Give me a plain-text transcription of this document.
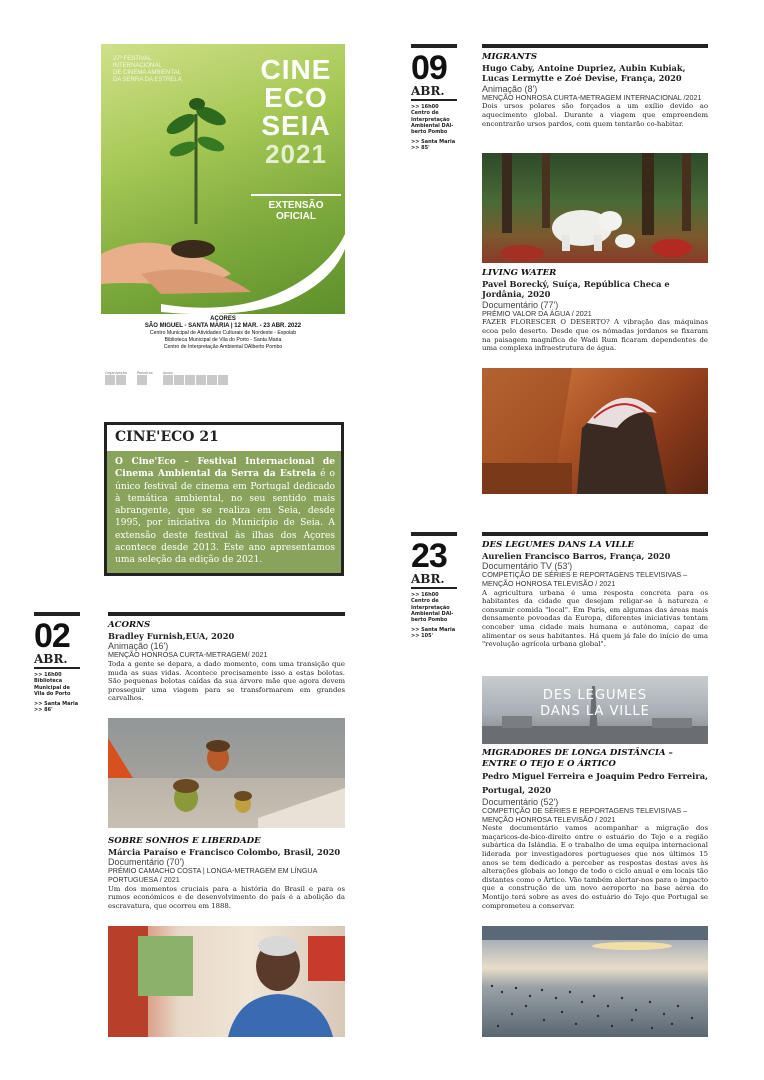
27º FESTIVAL
INTERNACIONAL
DE CINEMA AMBIENTAL
DA SERRA DA ESTRELA	CINE
ECO
SEIA
2021
EXTENSÃO
OFICIAL
AÇORES
SÃO MIGUEL - SANTA MARIA | 12 MAR. - 23 ABR. 2022
Centro Municipal de Atividades Culturais de Nordeste - Expolab
Biblioteca Municipal de Vila do Porto - Santa Maria
Centro de Interpretação Ambiental DAlberto Pombo
Organização
	Parceiros	Apoio

CINE'ECO 21
O Cine'Eco – Festival Internacional de Cinema Ambiental da Serra da Estrela é o único festival de cinema em Portugal dedicado à temática ambiental, no seu sentido mais abrangente, que se realiza em Seia, desde 1995, por iniciativa do Município de Seia. A extensão deste festival às ilhas dos Açores acontece desde 2013. Este ano apresentamos uma seleção da edição de 2021.
09
ABR.
>> 16h00
Centro de
Interpretação
Ambiental DAl-
berto Pombo
>> Santa Maria
>> 85'
02
ABR.
>> 16h00
Biblioteca
Municipal de
Vila do Porto
>> Santa Maria
>> 86'
23
ABR.
>> 16h00
Centro de
Interpretação
Ambiental DAl-
berto Pombo
>> Santa Maria
>> 105'
MIGRANTS
Hugo Caby, Antoine Dupriez, Aubin Kubiak, Lucas Lermytte e Zoé Devise, França, 2020
Animação (8')
MENÇÃO HONROSA CURTA-METRAGEM INTERNACIONAL /2021
Dois ursos polares são forçados a um exílio devido ao aquecimento global. Durante a viagem que empreendem encontrarão ursos pardos, com quem tentarão co-habitar.
LIVING WATER
Pavel Borecký, Suíça, República Checa e Jordânia, 2020
Documentário (77')
PRÉMIO VALOR DA ÁGUA / 2021
FAZER FLORESCER O DESERTO? A vibração das máquinas ecoa pelo deserto. Desde que os nómadas jordanos se fixaram na paisagem magnífica de Wadi Rum ficaram dependentes de uma complexa infraestrutura de água.
ACORNS
Bradley Furnish,EUA, 2020
Animação (16')
MENÇÃO HONROSA CURTA-METRAGEM/ 2021
Toda a gente se depara, a dado momento, com uma transição que muda as suas vidas. Acontece precisamente isso a estas bolotas. São pequenas bolotas caídas da sua árvore mãe que agora devem prosseguir uma viagem para se transformarem em grandes carvalhos.
SOBRE SONHOS E LIBERDADE
Márcia Paraíso e Francisco Colombo, Brasil, 2020
Documentário (70')
PRÉMIO CAMACHO COSTA | LONGA-METRAGEM EM LÍNGUA PORTUGUESA / 2021
Um dos momentos cruciais para a história do Brasil e para os rumos económicos e de desenvolvimento do país é a abolição da escravatura, que ocorreu em 1888.
DES LEGUMES DANS LA VILLE
Aurelien Francisco Barros, França, 2020
Documentário TV (53')
COMPETIÇÃO DE SÉRIES E REPORTAGENS TELEVISIVAS – MENÇÃO HONROSA TELEVISÃO / 2021
A agricultura urbana é uma resposta concreta para os habitantes da cidade que desejam religar-se à natureza e consumir comida "local". Em Paris, em algumas das áreas mais densamente povoadas da Europa, diferentes iniciativas tentam conceber uma cidade mais humana e autónoma, capaz de alimentar os seus habitantes. Há quem já fale do início de uma "revolução agrícola urbana global".
DES LEGUMES
DANS LA VILLE
MIGRADORES DE LONGA DISTÂNCIA – ENTRE O TEJO E O ÁRTICO
Pedro Miguel Ferreira e Joaquim Pedro Ferreira, Portugal, 2020
Documentário (52')
COMPETIÇÃO DE SÉRIES E REPORTAGENS TELEVISIVAS – MENÇÃO HONROSA TELEVISÃO / 2021
Neste documentário vamos acompanhar a migração dos maçaricos-de-bico-direito entre o estuário do Tejo e a região subártica da Islândia. E o trabalho de uma equipa internacional liderada por investigadores portugueses que nos últimos 15 anos se tem dedicado a perceber as respostas destas aves às alterações globais ao longo de todo o ciclo anual e em locais tão distantes como o Ártico. Vão também alertar-nos para o impacto que a construção de um novo aeroporto na base aérea do Montijo terá sobre as aves do estuário do Tejo que Portugal se comprometeu a conservar.
